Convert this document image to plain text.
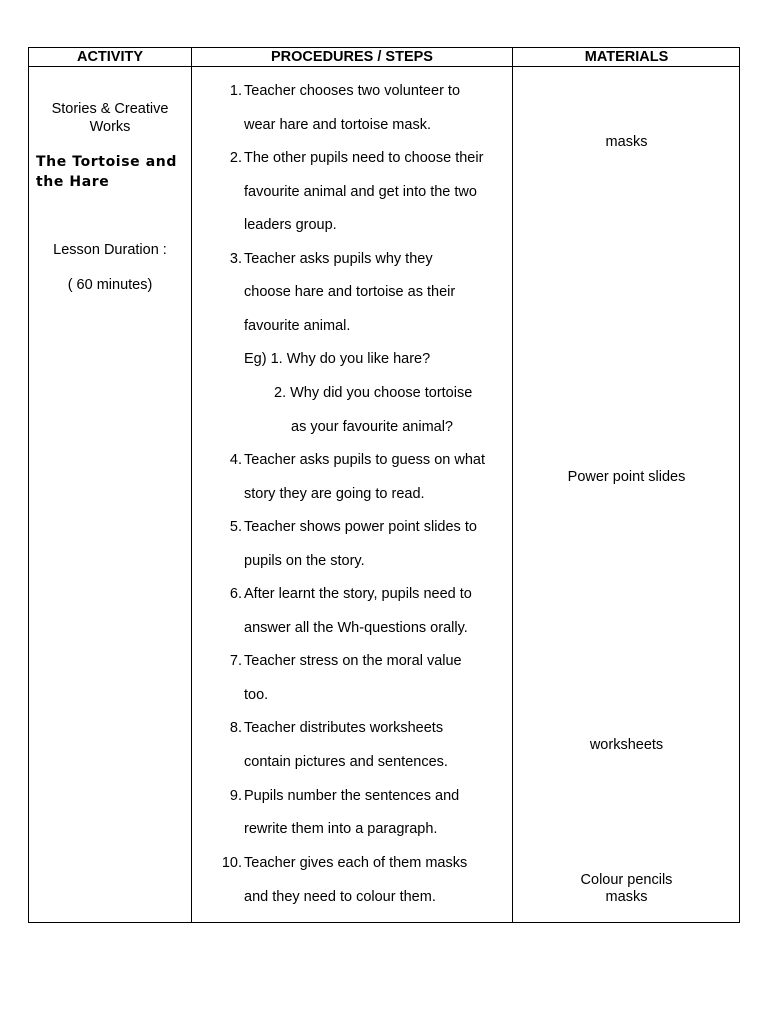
ACTIVITY	PROCEDURES / STEPS	MATERIALS
Stories & Creative
Works
The Tortoise and
the Hare
Lesson Duration :
( 60 minutes)
1. Teacher chooses two volunteer to
wear hare and tortoise mask.
2. The other pupils need to choose their
favourite animal and get into the two
leaders group.
3. Teacher asks pupils why they
choose hare and tortoise as their
favourite animal.
Eg) 1. Why do you like hare?
2. Why did you choose tortoise
as your favourite animal?
4. Teacher asks pupils to guess on what
story they are going to read.
5. Teacher shows power point slides to
pupils on the story.
6. After learnt the story, pupils need to
answer all the Wh-questions orally.
7. Teacher stress on the moral value
too.
8. Teacher distributes worksheets
contain pictures and sentences.
9. Pupils number the sentences and
rewrite them into a paragraph.
10. Teacher gives each of them masks
and they need to colour them.
masks
Power point slides
worksheets
Colour pencils
masks
